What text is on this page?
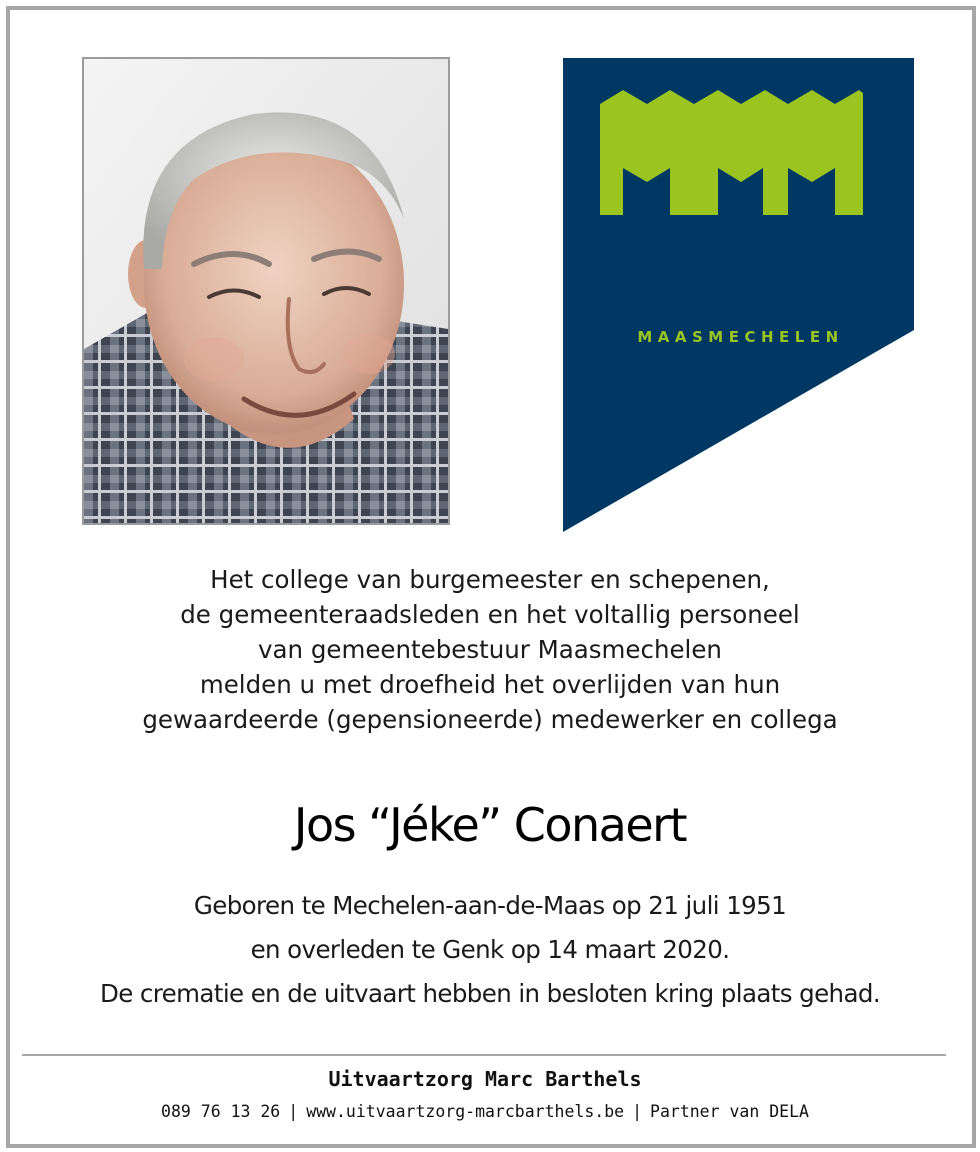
MAASMECHELEN
Het college van burgemeester en schepenen,
de gemeenteraadsleden en het voltallig personeel
van gemeentebestuur Maasmechelen
melden u met droefheid het overlijden van hun
gewaardeerde (gepensioneerde) medewerker en collega
Jos “Jéke” Conaert
Geboren te Mechelen-aan-de-Maas op 21 juli 1951
en overleden te Genk op 14 maart 2020.
De crematie en de uitvaart hebben in besloten kring plaats gehad.
Uitvaartzorg Marc Barthels
089 76 13 26 | www.uitvaartzorg-marcbarthels.be | Partner van DELA
